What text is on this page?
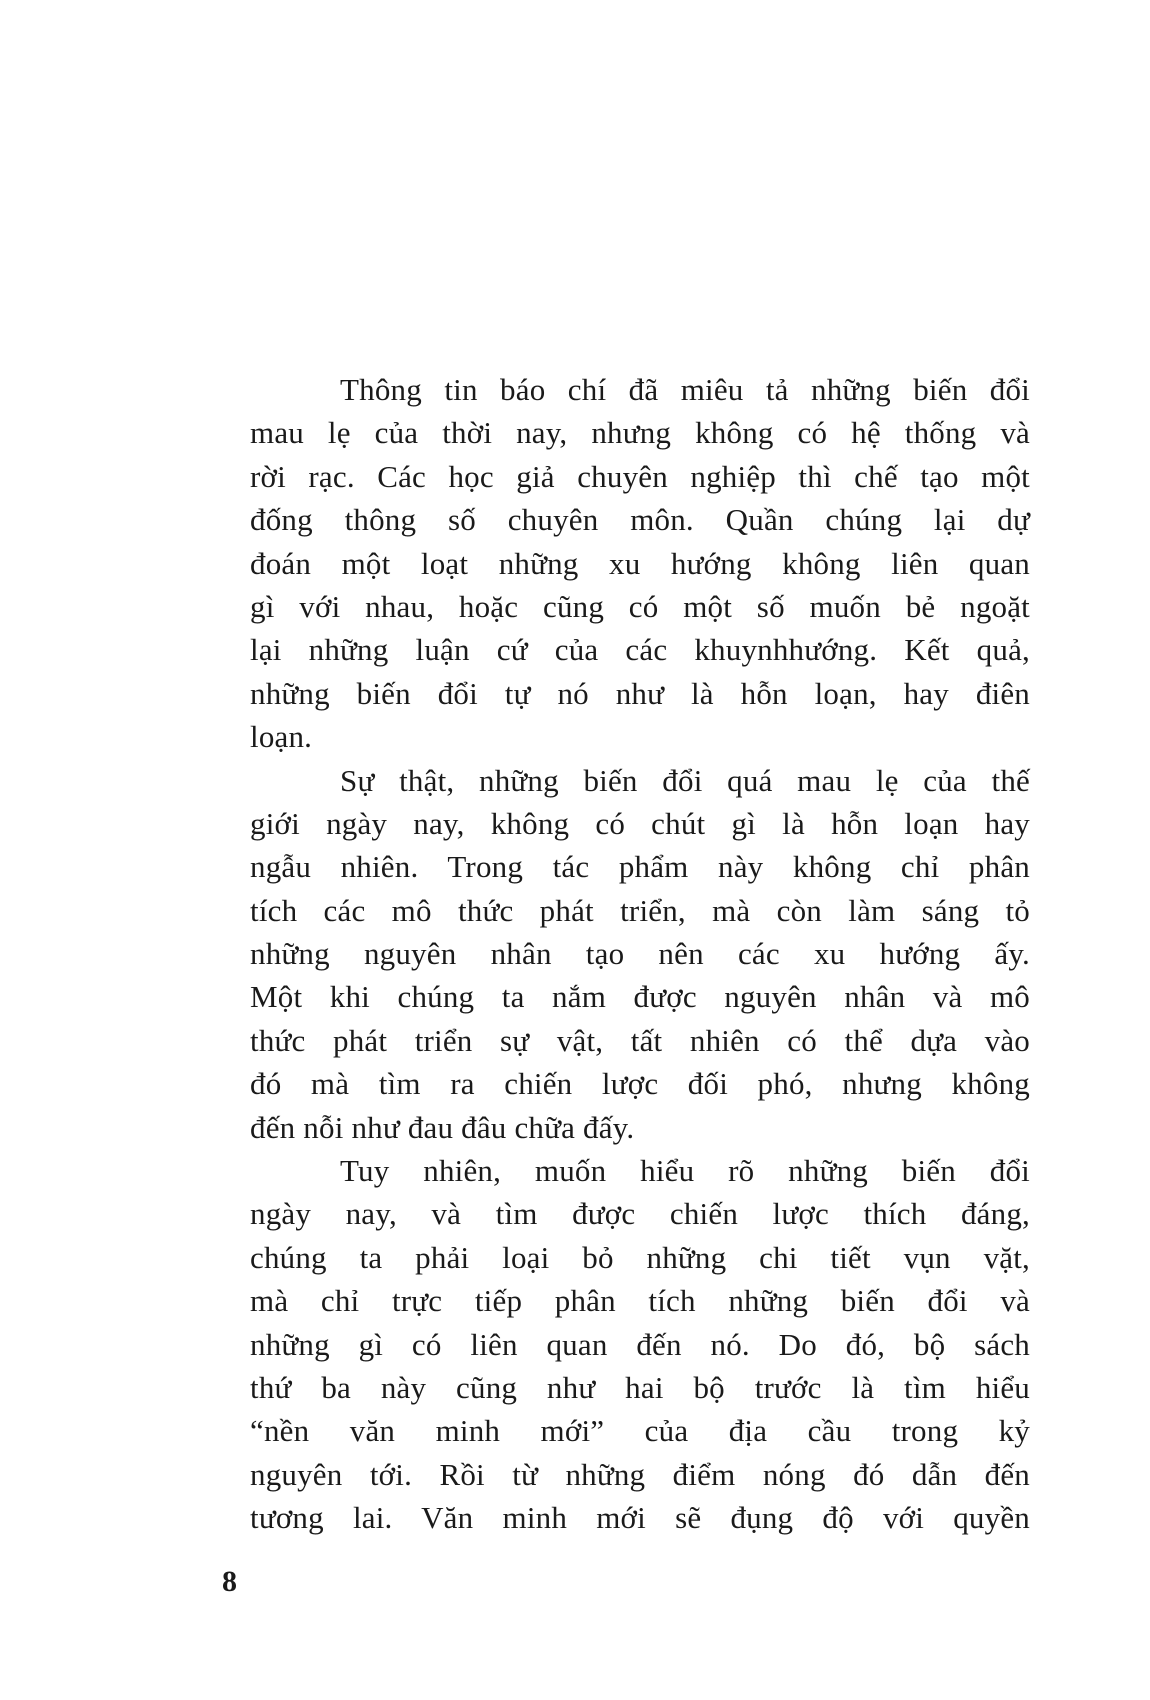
Thông tin báo chí đã miêu tả những biến đổi
mau lẹ của thời nay, nhưng không có hệ thống và
rời rạc. Các học giả chuyên nghiệp thì chế tạo một
đống thông số chuyên môn. Quần chúng lại dự
đoán một loạt những xu hướng không liên quan
gì với nhau, hoặc cũng có một số muốn bẻ ngoặt
lại những luận cứ của các khuynhhướng. Kết quả,
những biến đổi tự nó như là hỗn loạn, hay điên
loạn.
Sự thật, những biến đổi quá mau lẹ của thế
giới ngày nay, không có chút gì là hỗn loạn hay
ngẫu nhiên. Trong tác phẩm này không chỉ phân
tích các mô thức phát triển, mà còn làm sáng tỏ
những nguyên nhân tạo nên các xu hướng ấy.
Một khi chúng ta nắm được nguyên nhân và mô
thức phát triển sự vật, tất nhiên có thể dựa vào
đó mà tìm ra chiến lược đối phó, nhưng không
đến nỗi như đau đâu chữa đấy.
Tuy nhiên, muốn hiểu rõ những biến đổi
ngày nay, và tìm được chiến lược thích đáng,
chúng ta phải loại bỏ những chi tiết vụn vặt,
mà chỉ trực tiếp phân tích những biến đổi và
những gì có liên quan đến nó. Do đó, bộ sách
thứ ba này cũng như hai bộ trước là tìm hiểu
“nền văn minh mới” của địa cầu trong kỷ
nguyên tới. Rồi từ những điểm nóng đó dẫn đến
tương lai. Văn minh mới sẽ đụng độ với quyền
8
